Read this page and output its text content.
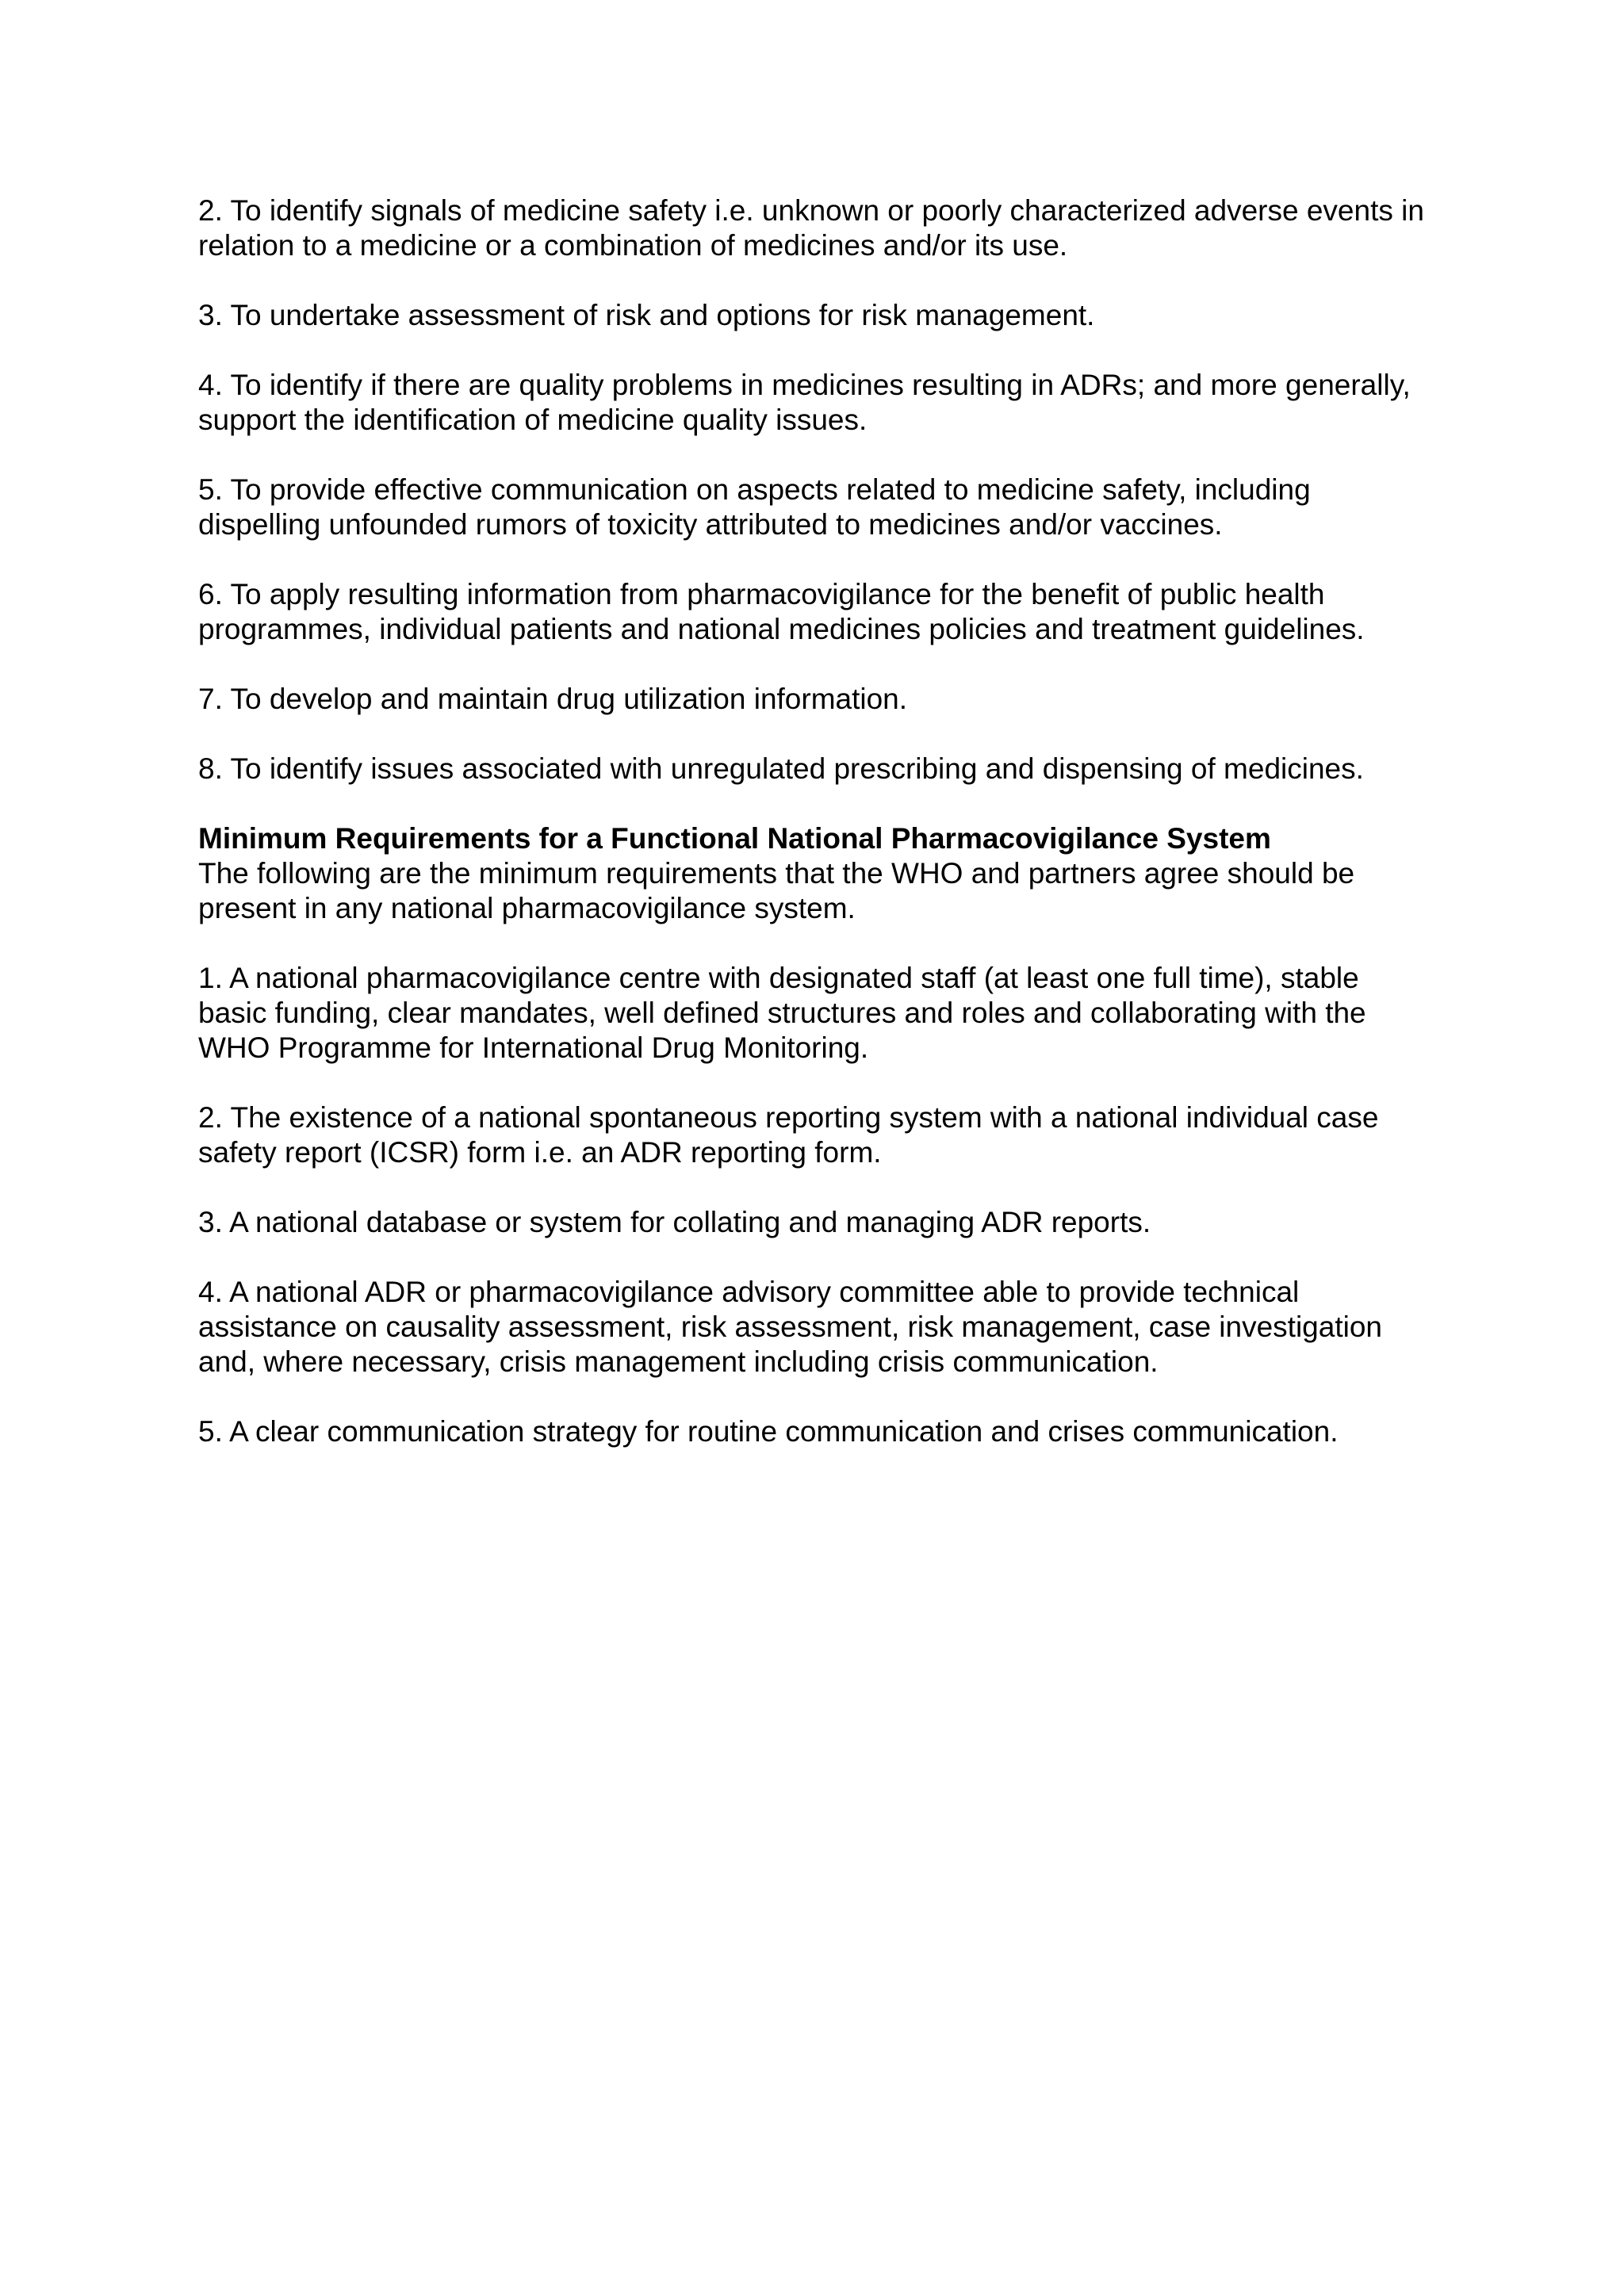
2. To identify signals of medicine safety i.e. unknown or poorly characterized adverse events in relation to a medicine or a combination of medicines and/or its use.

3. To undertake assessment of risk and options for risk management.

4. To identify if there are quality problems in medicines resulting in ADRs; and more generally, support the identification of medicine quality issues.

5. To provide effective communication on aspects related to medicine safety, including dispelling unfounded rumors of toxicity attributed to medicines and/or vaccines.

6. To apply resulting information from pharmacovigilance for the benefit of public health programmes, individual patients and national medicines policies and treatment guidelines.

7. To develop and maintain drug utilization information.

8. To identify issues associated with unregulated prescribing and dispensing of medicines.

Minimum Requirements for a Functional National Pharmacovigilance System

The following are the minimum requirements that the WHO and partners agree should be present in any national pharmacovigilance system.

1. A national pharmacovigilance centre with designated staff (at least one full time), stable basic funding, clear mandates, well defined structures and roles and collaborating with the WHO Programme for International Drug Monitoring.

2. The existence of a national spontaneous reporting system with a national individual case safety report (ICSR) form i.e. an ADR reporting form.

3. A national database or system for collating and managing ADR reports.

4. A national ADR or pharmacovigilance advisory committee able to provide technical assistance on causality assessment, risk assessment, risk management, case investigation and, where necessary, crisis management including crisis communication.

5. A clear communication strategy for routine communication and crises communication.
